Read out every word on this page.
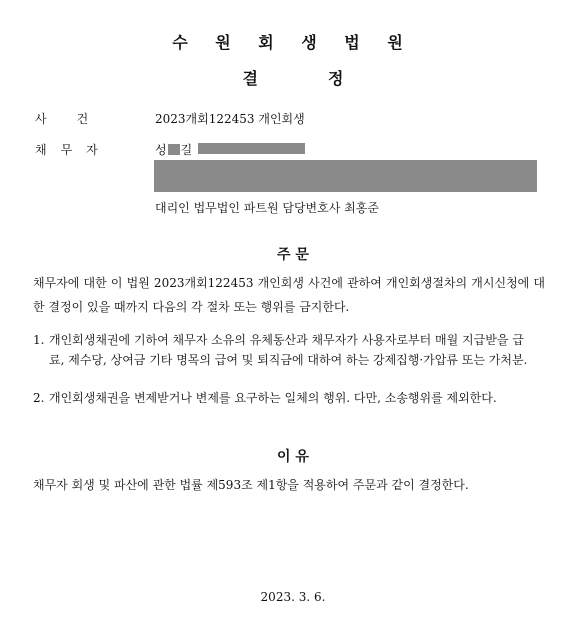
수 원 회 생 법 원
결	정
사건	2023개회122453 개인회생
채무자	성 길
대리인 법무법인 파트원 담당변호사 최홍준
주 문
채무자에 대한 이 법원 2023개회122453 개인회생 사건에 관하여 개인회생절차의 개시신청에 대한 결정이 있을 때까지 다음의 각 절차 또는 행위를 금지한다.
1. 개인회생채권에 기하여 채무자 소유의 유체동산과 채무자가 사용자로부터 매월 지급받을 급료, 제수당, 상여금 기타 명목의 급여 및 퇴직금에 대하여 하는 강제집행·가압류 또는 가처분.
2. 개인회생채권을 변제받거나 변제를 요구하는 일체의 행위. 다만, 소송행위를 제외한다.
이 유
채무자 회생 및 파산에 관한 법률 제593조 제1항을 적용하여 주문과 같이 결정한다.
2023. 3. 6.
